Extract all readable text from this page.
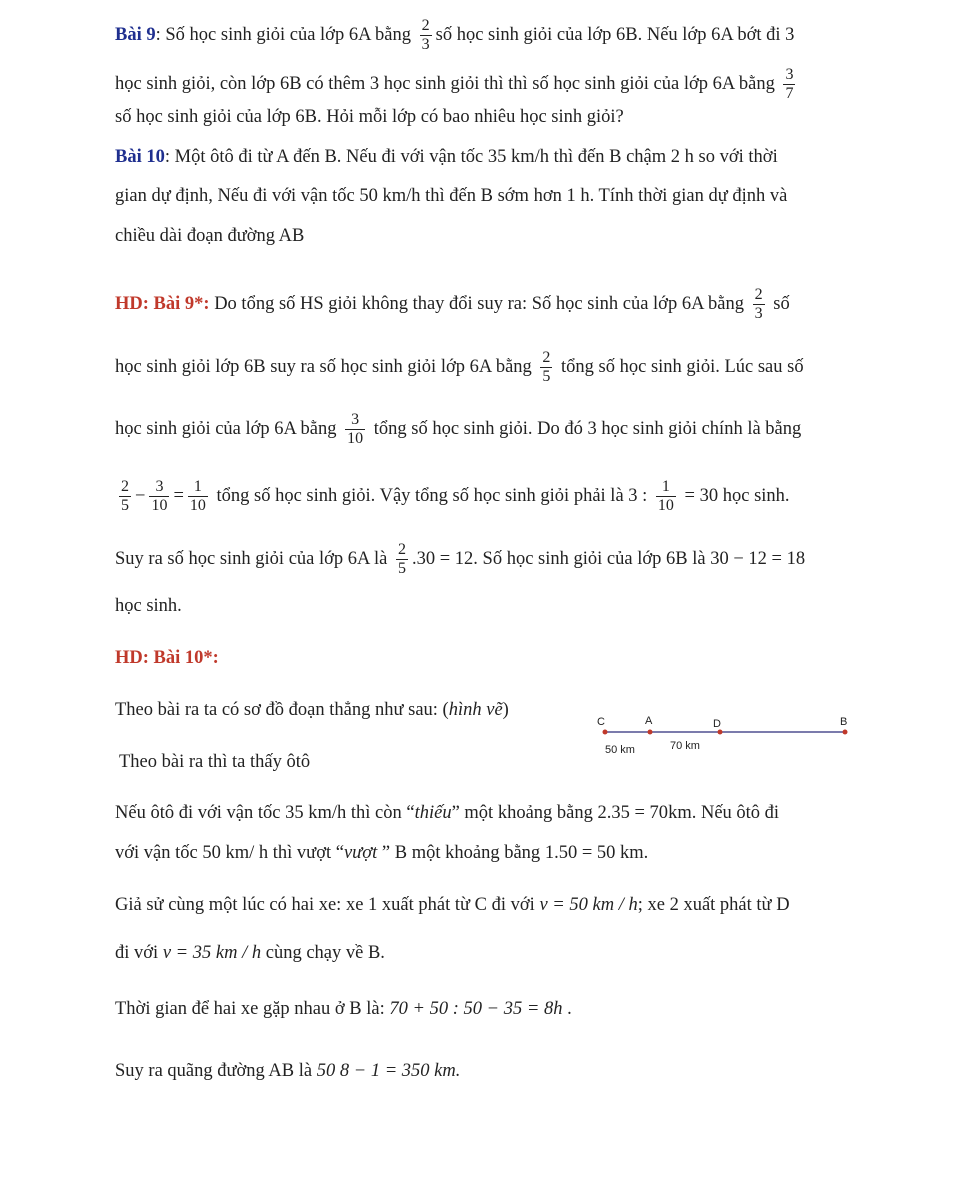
Bài 9: Số học sinh giỏi của lớp 6A bằng $\frac{2}{3}$ số học sinh giỏi của lớp 6B. Nếu lớp 6A bớt đi 3
học sinh giỏi, còn lớp 6B có thêm 3 học sinh giỏi thì thì số học sinh giỏi của lớp 6A bằng $\frac{3}{7}$
số học sinh giỏi của lớp 6B. Hỏi mỗi lớp có bao nhiêu học sinh giỏi?
Bài 10: Một ôtô đi từ A đến B. Nếu đi với vận tốc 35 km/h thì đến B chậm 2 h so với thời
gian dự định, Nếu đi với vận tốc 50 km/h thì đến B sớm hơn 1 h. Tính thời gian dự định và
chiều dài đoạn đường AB
HD: Bài 9*: Do tổng số HS giỏi không thay đổi suy ra: Số học sinh của lớp 6A bằng $\frac{2}{3}$ số
học sinh giỏi lớp 6B suy ra số học sinh giỏi lớp 6A bằng $\frac{2}{5}$ tổng số học sinh giỏi. Lúc sau số
học sinh giỏi của lớp 6A bằng $\frac{3}{10}$ tổng số học sinh giỏi. Do đó 3 học sinh giỏi chính là bằng
$\frac{2}{5} - \frac{3}{10} = \frac{1}{10}$ tổng số học sinh giỏi. Vậy tổng số học sinh giỏi phải là 3 : $\frac{1}{10} = 30$ học sinh.
Suy ra số học sinh giỏi của lớp 6A là $\frac{2}{5} .30 = 12$. Số học sinh giỏi của lớp 6B là 30 − 12 = 18
học sinh.
HD: Bài 10*:
Theo bài ra ta có sơ đồ đoạn thẳng như sau: (hình vẽ)
C	A	D	B
50 km	70 km
Theo bài ra thì ta thấy ôtô
Nếu ôtô đi với vận tốc 35 km/h thì còn “thiếu” một khoảng bằng 2.35 = 70km. Nếu ôtô đi
với vận tốc 50 km/ h thì vượt “vượt ” B một khoảng bằng 1.50 = 50 km.
Giả sử cùng một lúc có hai xe: xe 1 xuất phát từ C đi với v = 50 km / h; xe 2 xuất phát từ D
đi với v = 35 km / h cùng chạy về B.
Thời gian để hai xe gặp nhau ở B là: 70 + 50 : 50 − 35 = 8h .
Suy ra quãng đường AB là 50 8 − 1 = 350 km.
